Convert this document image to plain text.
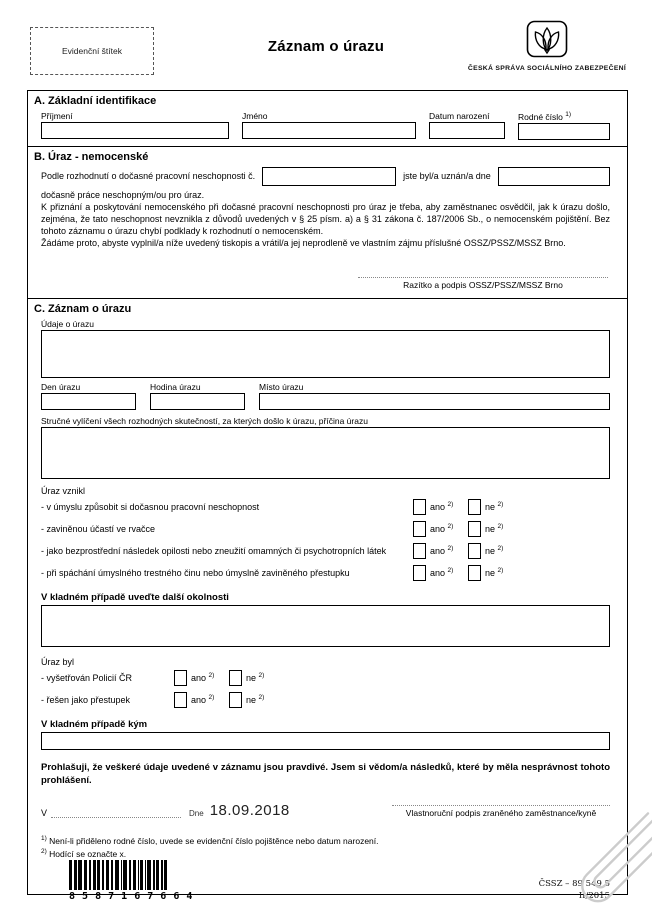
Evidenční štítek	Záznam o úrazu
ČESKÁ SPRÁVA SOCIÁLNÍHO ZABEZPEČENÍ
A. Základní identifikace
Příjmení	Jméno	Datum narození	Rodné číslo $^{1)}$
B. Úraz - nemocenské
Podle rozhodnutí o dočasné pracovní neschopnosti č.	jste byl/a uznán/a dne
dočasně práce neschopným/ou pro úraz.
K přiznání a poskytování nemocenského při dočasné pracovní neschopnosti pro úraz je třeba, aby zaměstnanec osvědčil, jak k úrazu došlo, zejména, že tato neschopnost nevznikla z důvodů uvedených v § 25 písm. a) a § 31 zákona č. 187/2006 Sb., o nemocenském pojištění. Bez tohoto záznamu o úrazu chybí podklady k rozhodnutí o nemocenském.
Žádáme proto, abyste vyplnil/a níže uvedený tiskopis a vrátil/a jej neprodleně ve vlastním zájmu příslušné OSSZ/PSSZ/MSSZ Brno.
Razítko a podpis OSSZ/PSSZ/MSSZ Brno
C. Záznam o úrazu
Údaje o úrazu
Den úrazu	Hodina úrazu	Místo úrazu
Stručné vylíčení všech rozhodných skutečností, za kterých došlo k úrazu, příčina úrazu
Úraz vznikl
- v úmyslu způsobit si dočasnou pracovní neschopnost	ano $^{2)}$	ne $^{2)}$
- zaviněnou účastí ve rvačce	ano $^{2)}$	ne $^{2)}$
- jako bezprostřední následek opilosti nebo zneužití omamných či psychotropních látek	ano $^{2)}$	ne $^{2)}$
- při spáchání úmyslného trestného činu nebo úmyslně zaviněného přestupku	ano $^{2)}$	ne $^{2)}$
V kladném případě uveďte další okolnosti
Úraz byl
- vyšetřován Policií ČR	ano $^{2)}$	ne $^{2)}$
- řešen jako přestupek	ano $^{2)}$	ne $^{2)}$
V kladném případě kým
Prohlašuji, že veškeré údaje uvedené v záznamu jsou pravdivé. Jsem si vědom/a následků, které by měla nesprávnost tohoto prohlášení.
V	Dne 18.09.2018	Vlastnoruční podpis zraněného zaměstnance/kyně
$^{1)}$ Není-li přiděleno rodné číslo, uvede se evidenční číslo pojištěnce nebo datum narození.
$^{2)}$ Hodící se označte x.
8 5 8 7 1 6 7 6 6 4
ČSSZ – 89 549 5
II/2015
